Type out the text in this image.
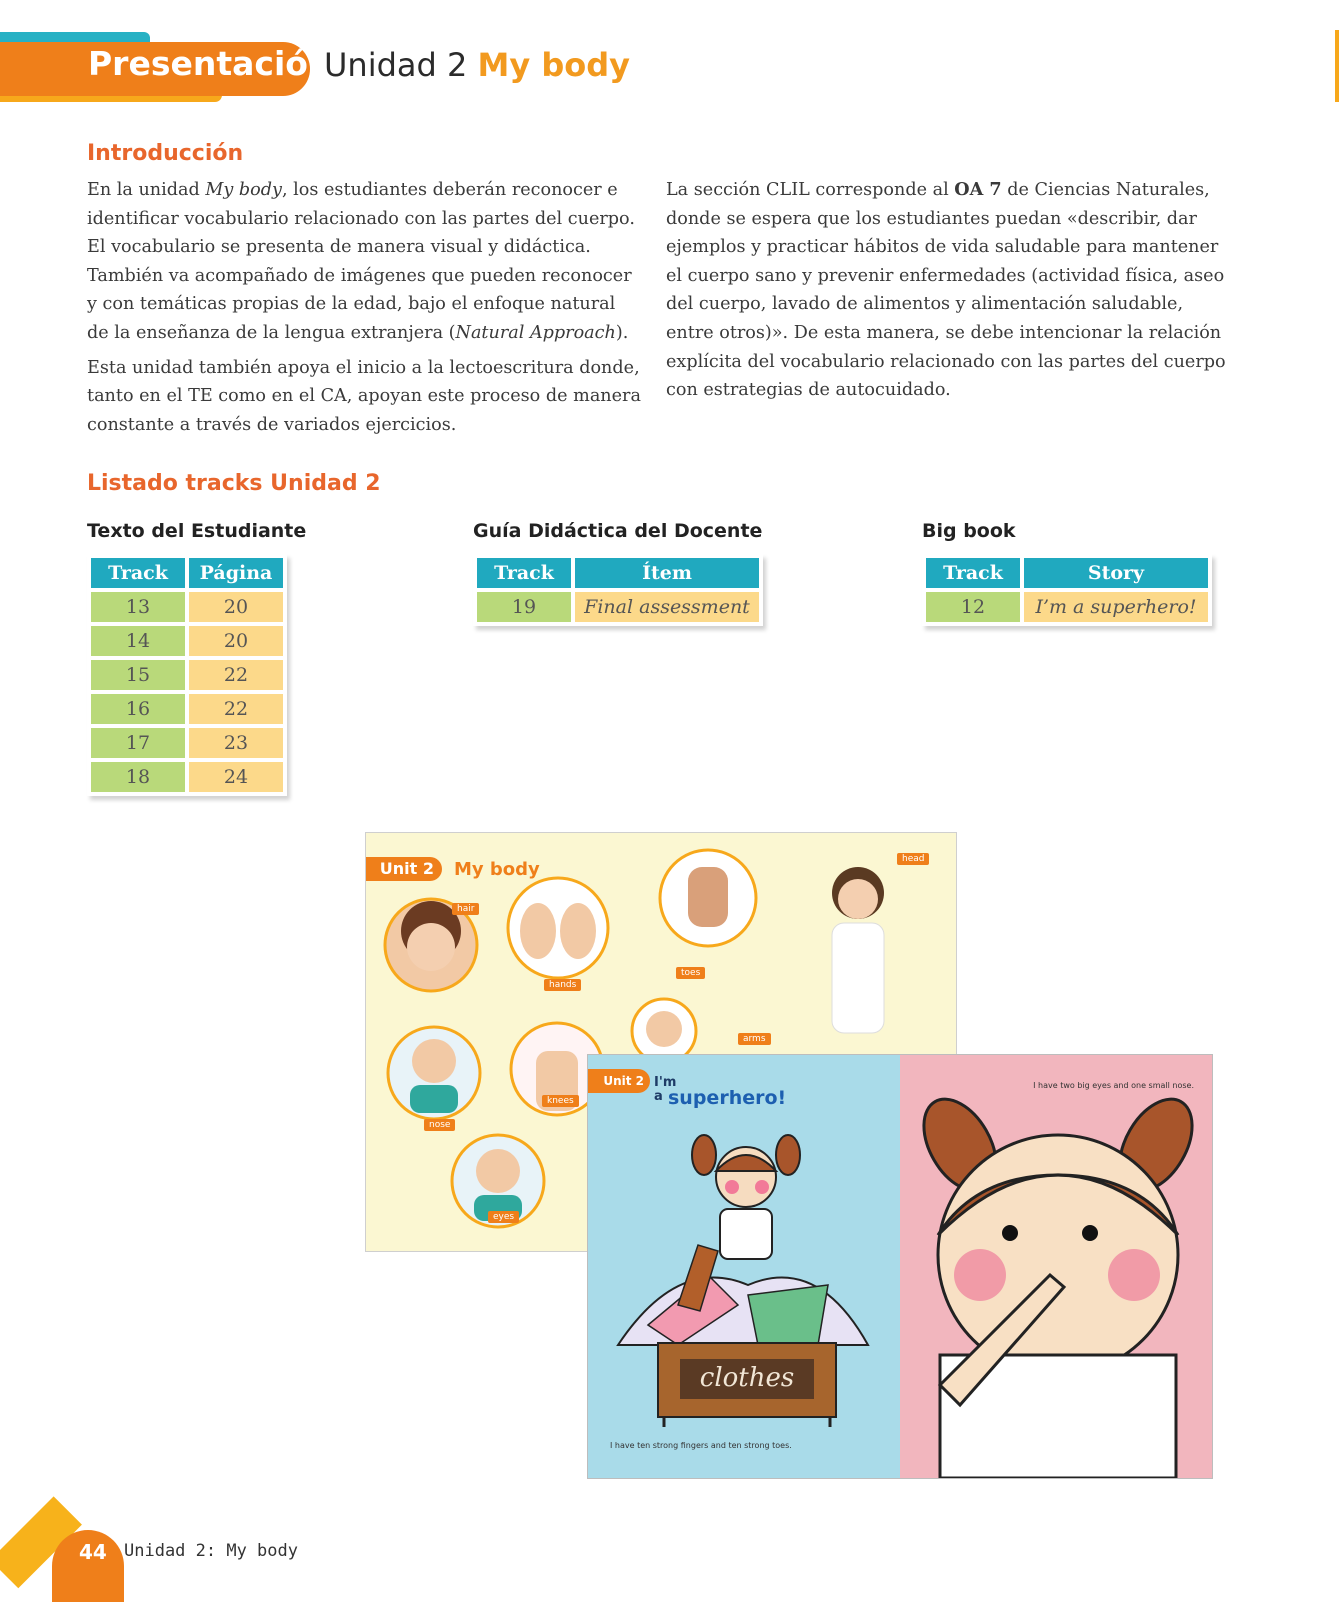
Presentación
Unidad 2 My body
Introducción

En la unidad My body, los estudiantes deberán reconocer e identificar vocabulario relacionado con las partes del cuerpo. El vocabulario se presenta de manera visual y didáctica. También va acompañado de imágenes que pueden reconocer y con temáticas propias de la edad, bajo el enfoque natural de la enseñanza de la lengua extranjera (Natural Approach).

Esta unidad también apoya el inicio a la lectoescritura donde, tanto en el TE como en el CA, apoyan este proceso de manera constante a través de variados ejercicios.

La sección CLIL corresponde al OA 7 de Ciencias Naturales, donde se espera que los estudiantes puedan «describir, dar ejemplos y practicar hábitos de vida saludable para mantener el cuerpo sano y prevenir enfermedades (actividad física, aseo del cuerpo, lavado de alimentos y alimentación saludable, entre otros)». De esta manera, se debe intencionar la relación explícita del vocabulario relacionado con las partes del cuerpo con estrategias de autocuidado.

Listado tracks Unidad 2
Texto del Estudiante
Track	Página
13	20
14	20
15	22
16	22
17	23
18	24
Guía Didáctica del Docente
Track	Ítem
19	Final assessment
Big book
Track	Story
12	I’m a superhero!
Unit 2	My body	head
hair
hands
toes
arms
nose
knees
eyes
Unit 2 I'm
a superhero!
clothes
I have ten strong fingers and ten strong toes.
I have two big eyes and one small nose.
44 Unidad 2: My body
